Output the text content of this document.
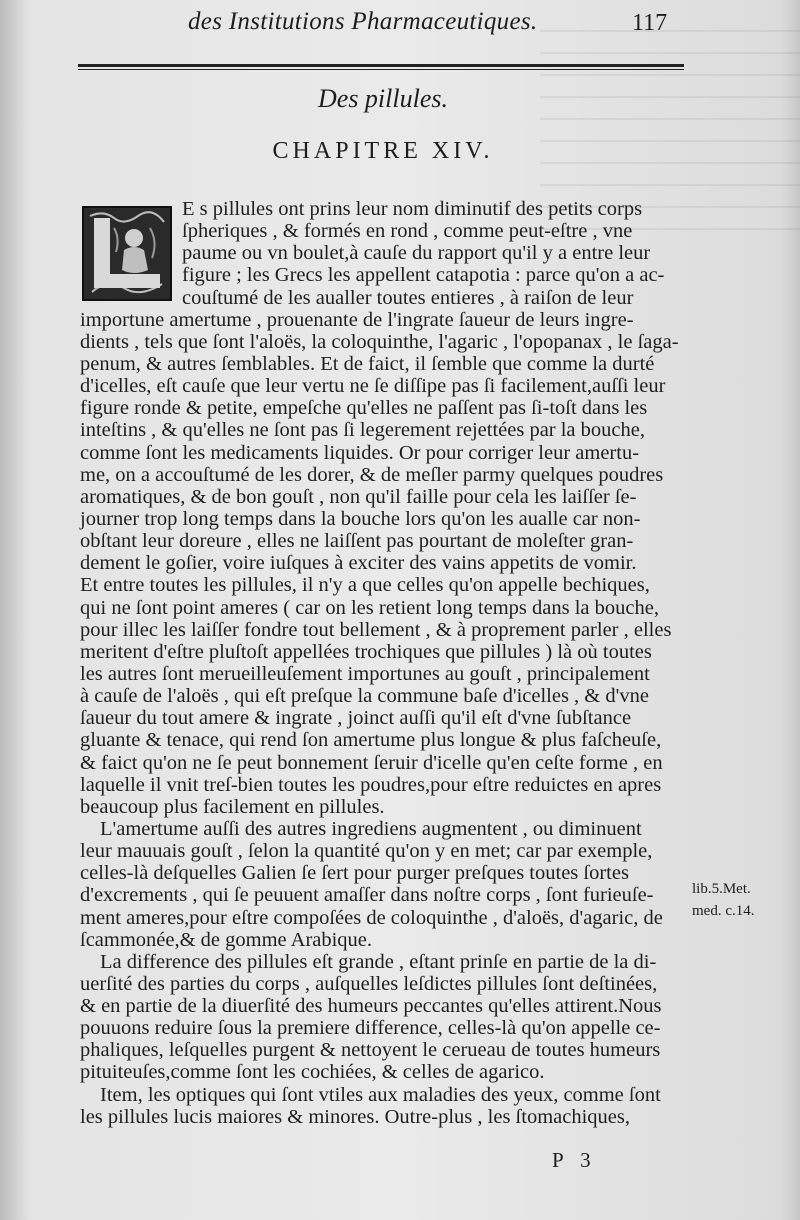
des Institutions Pharmaceutiques.	117
Des pillules.
CHAPITRE XIV.
E s pillules ont prins leur nom diminutif des petits corps
ſpheriques , & formés en rond , comme peut-eſtre , vne
paume ou vn boulet,à cauſe du rapport qu'il y a entre leur
figure ; les Grecs les appellent catapotia : parce qu'on a ac-
couſtumé de les aualler toutes entieres , à raiſon de leur
importune amertume , prouenante de l'ingrate ſaueur de leurs ingre-
dients , tels que ſont l'aloës, la coloquinthe, l'agaric , l'opopanax , le ſaga-
penum, & autres ſemblables. Et de faict, il ſemble que comme la durté
d'icelles, eſt cauſe que leur vertu ne ſe diſſipe pas ſi facilement,auſſi leur
figure ronde & petite, empeſche qu'elles ne paſſent pas ſi-toſt dans les
inteſtins , & qu'elles ne ſont pas ſi legerement rejettées par la bouche,
comme ſont les medicaments liquides. Or pour corriger leur amertu-
me, on a accouſtumé de les dorer, & de meſler parmy quelques poudres
aromatiques, & de bon gouſt , non qu'il faille pour cela les laiſſer ſe-
journer trop long temps dans la bouche lors qu'on les aualle car non-
obſtant leur doreure , elles ne laiſſent pas pourtant de moleſter gran-
dement le goſier, voire iuſques à exciter des vains appetits de vomir.
Et entre toutes les pillules, il n'y a que celles qu'on appelle bechiques,
qui ne ſont point ameres ( car on les retient long temps dans la bouche,
pour illec les laiſſer fondre tout bellement , & à proprement parler , elles
meritent d'eſtre pluſtoſt appellées trochiques que pillules ) là où toutes
les autres ſont merueilleuſement importunes au gouſt , principalement
à cauſe de l'aloës , qui eſt preſque la commune baſe d'icelles , & d'vne
ſaueur du tout amere & ingrate , joinct auſſi qu'il eſt d'vne ſubſtance
gluante & tenace, qui rend ſon amertume plus longue & plus faſcheuſe,
& faict qu'on ne ſe peut bonnement ſeruir d'icelle qu'en ceſte forme , en
laquelle il vnit treſ-bien toutes les poudres,pour eſtre reduictes en apres
beaucoup plus facilement en pillules.
L'amertume auſſi des autres ingrediens augmentent , ou diminuent
leur mauuais gouſt , ſelon la quantité qu'on y en met; car par exemple,
celles-là deſquelles Galien ſe ſert pour purger preſques toutes ſortes
d'excrements , qui ſe peuuent amaſſer dans noſtre corps , ſont furieuſe-
ment ameres,pour eſtre compoſées de coloquinthe , d'aloës, d'agaric, de
ſcammonée,& de gomme Arabique.
La difference des pillules eſt grande , eſtant prinſe en partie de la di-
uerſité des parties du corps , auſquelles leſdictes pillules ſont deſtinées,
& en partie de la diuerſité des humeurs peccantes qu'elles attirent.Nous
pouuons reduire ſous la premiere difference, celles-là qu'on appelle ce-
phaliques, leſquelles purgent & nettoyent le cerueau de toutes humeurs
pituiteuſes,comme ſont les cochiées, & celles de agarico.
Item, les optiques qui ſont vtiles aux maladies des yeux, comme ſont
les pillules lucis maiores & minores. Outre-plus , les ſtomachiques,
lib.5.Met.
med. c.14.
P 3
